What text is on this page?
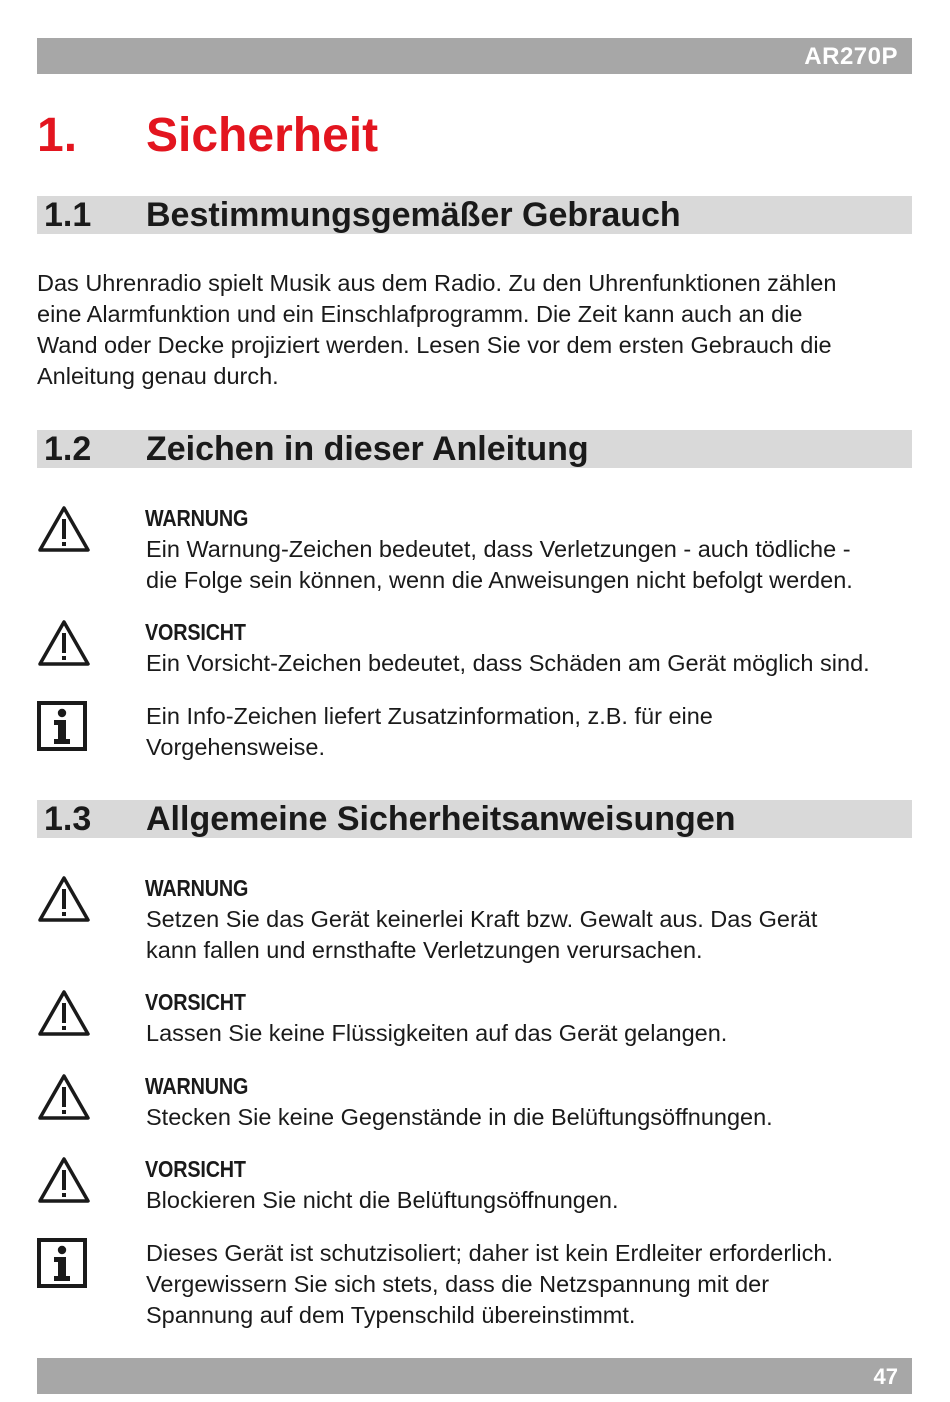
AR270P
1. Sicherheit
1.1 Bestimmungsgemäßer Gebrauch

Das Uhrenradio spielt Musik aus dem Radio. Zu den Uhrenfunktionen zählen

eine Alarmfunktion und ein Einschlafprogramm. Die Zeit kann auch an die

Wand oder Decke projiziert werden. Lesen Sie vor dem ersten Gebrauch die

Anleitung genau durch.

1.2 Zeichen in dieser Anleitung
WARNUNG

Ein Warnung-Zeichen bedeutet, dass Verletzungen - auch tödliche -

die Folge sein können, wenn die Anweisungen nicht befolgt werden.

VORSICHT

Ein Vorsicht-Zeichen bedeutet, dass Schäden am Gerät möglich sind.

Ein Info-Zeichen liefert Zusatzinformation, z.B. für eine

Vorgehensweise.

1.3 Allgemeine Sicherheitsanweisungen
WARNUNG

Setzen Sie das Gerät keinerlei Kraft bzw. Gewalt aus. Das Gerät

kann fallen und ernsthafte Verletzungen verursachen.

VORSICHT

Lassen Sie keine Flüssigkeiten auf das Gerät gelangen.

WARNUNG

Stecken Sie keine Gegenstände in die Belüftungsöffnungen.

VORSICHT

Blockieren Sie nicht die Belüftungsöffnungen.

Dieses Gerät ist schutzisoliert; daher ist kein Erdleiter erforderlich.

Vergewissern Sie sich stets, dass die Netzspannung mit der

Spannung auf dem Typenschild übereinstimmt.

47
